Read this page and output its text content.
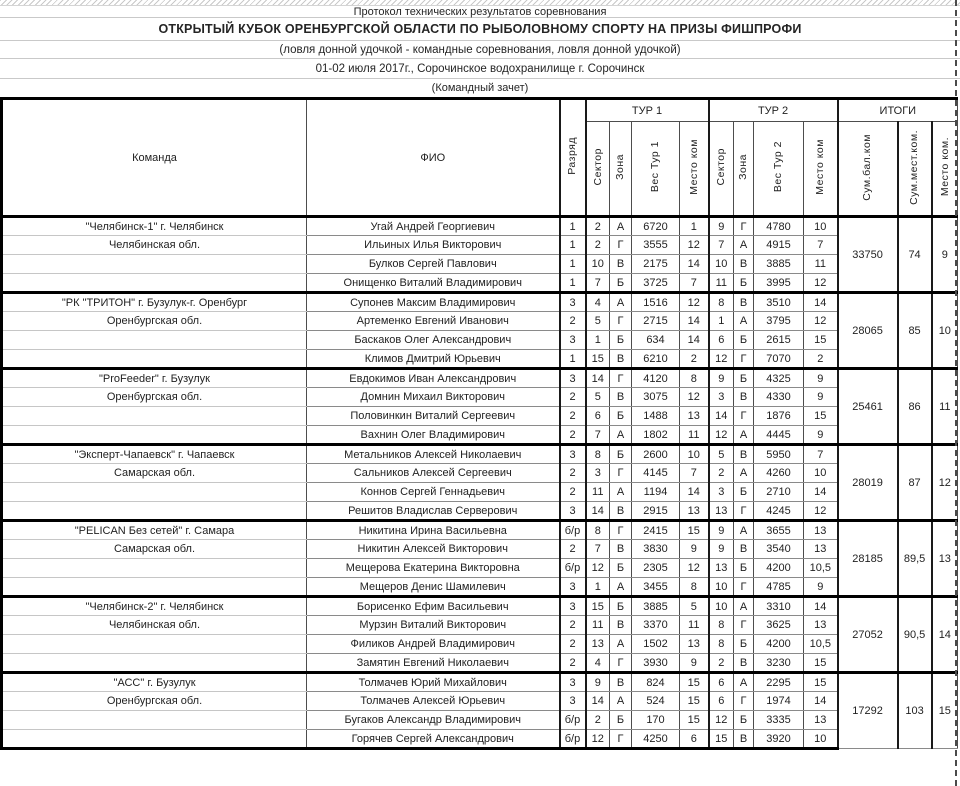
Протокол технических результатов соревнования
ОТКРЫТЫЙ КУБОК ОРЕНБУРГСКОЙ ОБЛАСТИ ПО РЫБОЛОВНОМУ СПОРТУ НА ПРИЗЫ ФИШПРОФИ
(ловля донной удочкой - командные соревнования, ловля донной удочкой)
01-02 июля 2017г., Сорочинское водохранилище г. Сорочинск
(Командный зачет)
Команда	ФИО	Разряд	ТУР 1				ТУР 2				ИТОГИ		
			Сектор	Зона	Вес Тур 1	Место ком	Сектор	Зона	Вес Тур 2	Место ком	Сум.бал.ком	Сум.мест.ком.	Место ком.
"Челябинск-1" г. Челябинск	Угай Андрей Георгиевич	1	2	А	6720	1	9	Г	4780	10	33750	74	9
Челябинская обл.	Ильиных Илья Викторович	1	2	Г	3555	12	7	А	4915	7			
	Булков Сергей Павлович	1	10	В	2175	14	10	В	3885	11			
	Онищенко Виталий Владимирович	1	7	Б	3725	7	11	Б	3995	12			
"РК "ТРИТОН" г. Бузулук-г. Оренбург	Супонев Максим Владимирович	3	4	А	1516	12	8	В	3510	14	28065	85	10
Оренбургская обл.	Артеменко Евгений Иванович	2	5	Г	2715	14	1	А	3795	12			
	Баскаков Олег Александрович	3	1	Б	634	14	6	Б	2615	15			
	Климов Дмитрий Юрьевич	1	15	В	6210	2	12	Г	7070	2			
"ProFeeder" г. Бузулук	Евдокимов Иван Александрович	3	14	Г	4120	8	9	Б	4325	9	25461	86	11
Оренбургская обл.	Домнин Михаил Викторович	2	5	В	3075	12	3	В	4330	9			
	Половинкин Виталий Сергеевич	2	6	Б	1488	13	14	Г	1876	15			
	Вахнин Олег Владимирович	2	7	А	1802	11	12	А	4445	9			
"Эксперт-Чапаевск" г. Чапаевск	Метальников Алексей Николаевич	3	8	Б	2600	10	5	В	5950	7	28019	87	12
Самарская обл.	Сальников Алексей Сергеевич	2	3	Г	4145	7	2	А	4260	10			
	Коннов Сергей Геннадьевич	2	11	А	1194	14	3	Б	2710	14			
	Решитов Владислав Серверович	3	14	В	2915	13	13	Г	4245	12			
"PELICAN Без сетей" г. Самара	Никитина Ирина Васильевна	б/р	8	Г	2415	15	9	А	3655	13	28185	89,5	13
Самарская обл.	Никитин Алексей Викторович	2	7	В	3830	9	9	В	3540	13			
	Мещерова Екатерина Викторовна	б/р	12	Б	2305	12	13	Б	4200	10,5			
	Мещеров Денис Шамилевич	3	1	А	3455	8	10	Г	4785	9			
"Челябинск-2" г. Челябинск	Борисенко Ефим Васильевич	3	15	Б	3885	5	10	А	3310	14	27052	90,5	14
Челябинская обл.	Мурзин Виталий Викторович	2	11	В	3370	11	8	Г	3625	13			
	Филиков Андрей Владимирович	2	13	А	1502	13	8	Б	4200	10,5			
	Замятин Евгений Николаевич	2	4	Г	3930	9	2	В	3230	15			
"АСС" г. Бузулук	Толмачев Юрий Михайлович	3	9	В	824	15	6	А	2295	15	17292	103	15
Оренбургская обл.	Толмачев Алексей Юрьевич	3	14	А	524	15	6	Г	1974	14			
	Бугаков Александр Владимирович	б/р	2	Б	170	15	12	Б	3335	13			
	Горячев Сергей Александрович	б/р	12	Г	4250	6	15	В	3920	10			
